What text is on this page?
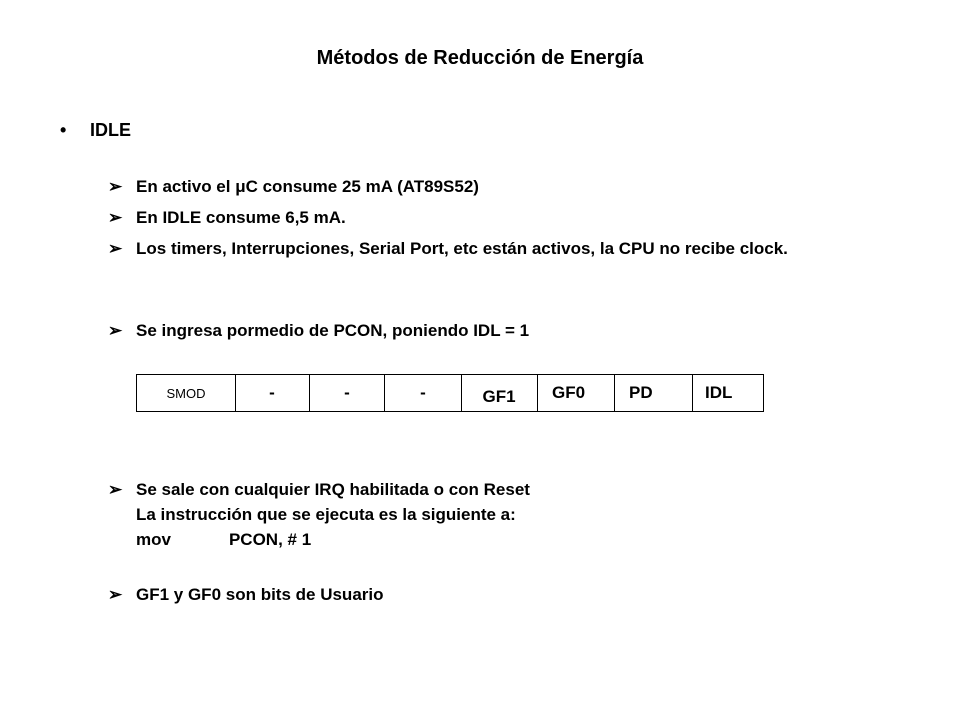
Métodos de Reducción de Energía
• IDLE
➢ En activo el μC consume 25 mA (AT89S52)
➢ En IDLE consume 6,5 mA.
➢ Los timers, Interrupciones, Serial Port, etc están activos, la CPU no recibe clock.
➢ Se ingresa pormedio de PCON, poniendo IDL = 1
SMOD	-	-	-	GF1	GF0	PD	IDL
➢ Se sale con cualquier IRQ habilitada o con Reset
La instrucción que se ejecuta es la siguiente a:
mov	PCON, # 1
➢ GF1 y GF0 son bits de Usuario
